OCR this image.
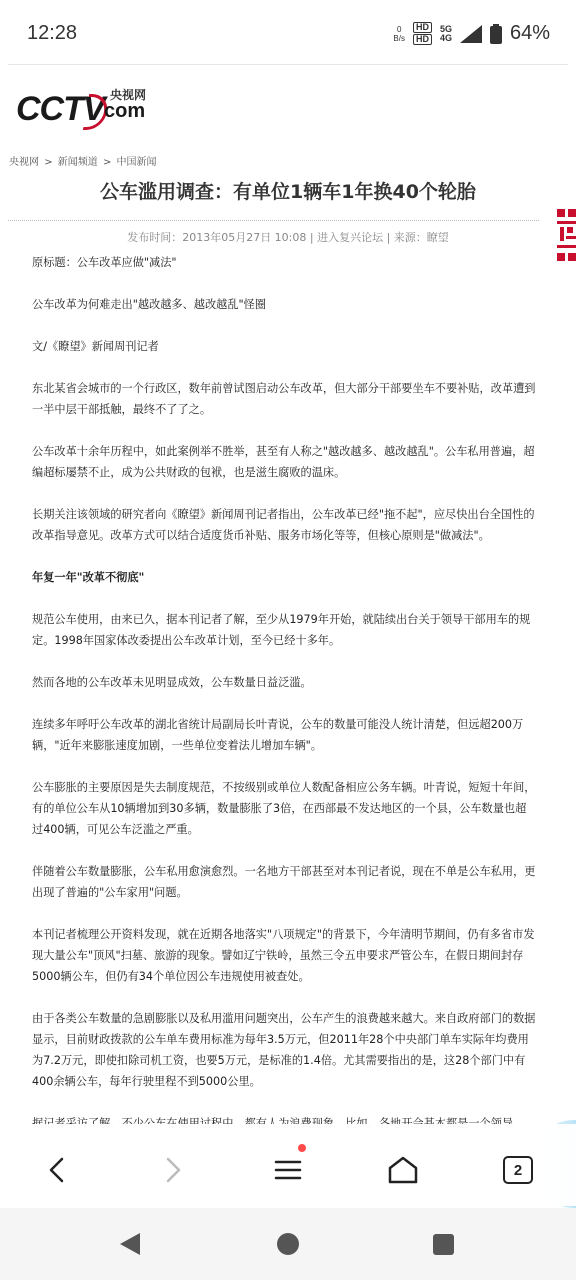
12:28	0
B/s
HD
HD
5G
4G	64%
CCTV 央视网
com
央视网 > 新闻频道 > 中国新闻
公车滥用调查：有单位1辆车1年换40个轮胎
发布时间：2013年05月27日 10:08 | 进入复兴论坛 | 来源：瞭望

原标题：公车改革应做"减法"

公车改革为何难走出"越改越多、越改越乱"怪圈

文/《瞭望》新闻周刊记者

东北某省会城市的一个行政区，数年前曾试图启动公车改革，但大部分干部要坐车不要补贴，改革遭到一半中层干部抵触，最终不了了之。

公车改革十余年历程中，如此案例举不胜举，甚至有人称之"越改越多、越改越乱"。公车私用普遍，超编超标屡禁不止，成为公共财政的包袱，也是滋生腐败的温床。

长期关注该领域的研究者向《瞭望》新闻周刊记者指出，公车改革已经"拖不起"，应尽快出台全国性的改革指导意见。改革方式可以结合适度货币补贴、服务市场化等等，但核心原则是"做减法"。

年复一年"改革不彻底"

规范公车使用，由来已久，据本刊记者了解，至少从1979年开始，就陆续出台关于领导干部用车的规定。1998年国家体改委提出公车改革计划，至今已经十多年。

然而各地的公车改革未见明显成效，公车数量日益泛滥。

连续多年呼吁公车改革的湖北省统计局副局长叶青说，公车的数量可能没人统计清楚，但远超200万辆，"近年来膨胀速度加剧，一些单位变着法儿增加车辆"。

公车膨胀的主要原因是失去制度规范，不按级别或单位人数配备相应公务车辆。叶青说，短短十年间，有的单位公车从10辆增加到30多辆，数量膨胀了3倍，在西部最不发达地区的一个县，公车数量也超过400辆，可见公车泛滥之严重。

伴随着公车数量膨胀，公车私用愈演愈烈。一名地方干部甚至对本刊记者说，现在不单是公车私用，更出现了普遍的"公车家用"问题。

本刊记者梳理公开资料发现，就在近期各地落实"八项规定"的背景下，今年清明节期间，仍有多省市发现大量公车"顶风"扫墓、旅游的现象。譬如辽宁铁岭，虽然三令五申要求严管公车，在假日期间封存5000辆公车，但仍有34个单位因公车违规使用被查处。

由于各类公车数量的急剧膨胀以及私用滥用问题突出，公车产生的浪费越来越大。来自政府部门的数据显示，目前财政拨款的公车单车费用标准为每年3.5万元，但2011年28个中央部门单车实际年均费用为7.2万元，即使扣除司机工资，也要5万元，是标准的1.4倍。尤其需要指出的是，这28个部门中有400余辆公车，每年行驶里程不到5000公里。

2
